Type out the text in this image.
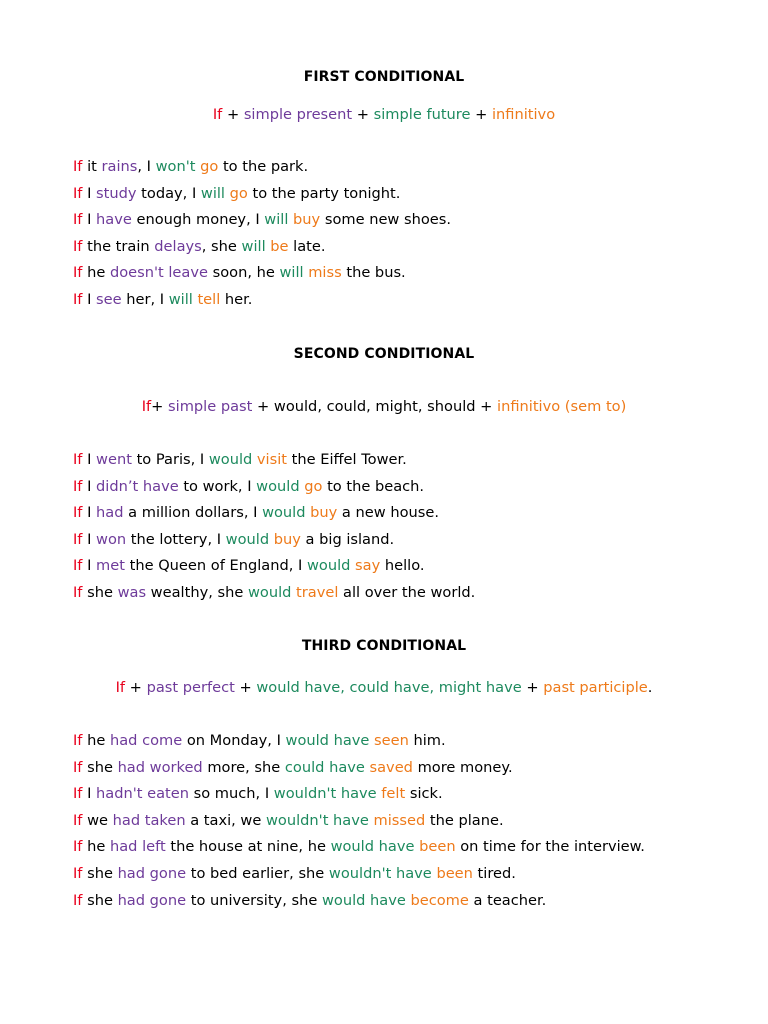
FIRST CONDITIONAL
If + simple present + simple future + infinitivo
If it rains, I won't go to the park.
If I study today, I will go to the party tonight.
If I have enough money, I will buy some new shoes.
If the train delays, she will be late.
If he doesn't leave soon, he will miss the bus.
If I see her, I will tell her.
SECOND CONDITIONAL
If+ simple past + would, could, might, should + infinitivo (sem to)
If I went to Paris, I would visit the Eiffel Tower.
If I didn’t have to work, I would go to the beach.
If I had a million dollars, I would buy a new house.
If I won the lottery, I would buy a big island.
If I met the Queen of England, I would say hello.
If she was wealthy, she would travel all over the world.
THIRD CONDITIONAL
If + past perfect + would have, could have, might have + past participle.
If he had come on Monday, I would have seen him.
If she had worked more, she could have saved more money.
If I hadn't eaten so much, I wouldn't have felt sick.
If we had taken a taxi, we wouldn't have missed the plane.
If he had left the house at nine, he would have been on time for the interview.
If she had gone to bed earlier, she wouldn't have been tired.
If she had gone to university, she would have become a teacher.
